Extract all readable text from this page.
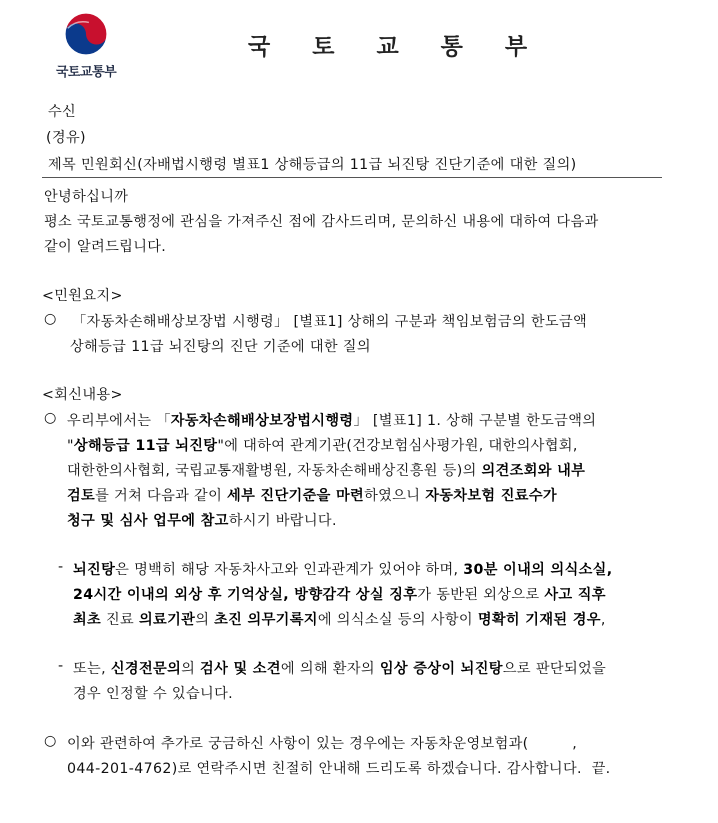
국토교통부
국 토 교 통 부
수신
(경유)
제목 민원회신(자배법시행령 별표1 상해등급의 11급 뇌진탕 진단기준에 대한 질의)
안녕하십니까
평소 국토교통행정에 관심을 가져주신 점에 감사드리며, 문의하신 내용에 대하여 다음과
같이 알려드립니다.
<민원요지>
○ 「자동차손해배상보장법 시행령」 [별표1] 상해의 구분과 책임보험금의 한도금액
상해등급 11급 뇌진탕의 진단 기준에 대한 질의
<회신내용>
○ 우리부에서는 「자동차손해배상보장법시행령」 [별표1] 1. 상해 구분별 한도금액의
"상해등급 11급 뇌진탕"에 대하여 관계기관(건강보험심사평가원, 대한의사협회,
대한한의사협회, 국립교통재활병원, 자동차손해배상진흥원 등)의 의견조회와 내부
검토를 거쳐 다음과 같이 세부 진단기준을 마련하였으니 자동차보험 진료수가
청구 및 심사 업무에 참고하시기 바랍니다.
- 뇌진탕은 명백히 해당 자동차사고와 인과관계가 있어야 하며, 30분 이내의 의식소실,
24시간 이내의 외상 후 기억상실, 방향감각 상실 징후가 동반된 외상으로 사고 직후
최초 진료 의료기관의 초진 의무기록지에 의식소실 등의 사항이 명확히 기재된 경우,
- 또는, 신경전문의의 검사 및 소견에 의해 환자의 임상 증상이 뇌진탕으로 판단되었을
경우 인정할 수 있습니다.
○ 이와 관련하여 추가로 궁금하신 사항이 있는 경우에는 자동차운영보험과(         ,
044-201-4762)로 연락주시면 친절히 안내해 드리도록 하겠습니다. 감사합니다.  끝.
